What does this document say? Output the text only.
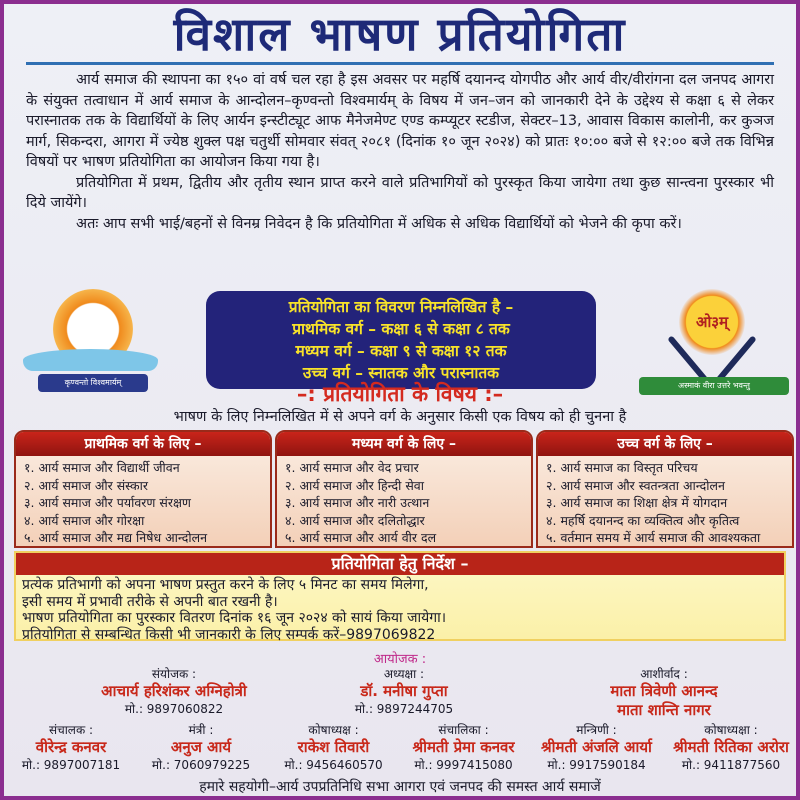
विशाल भाषण प्रतियोगिता

आर्य समाज की स्थापना का १५० वां वर्ष चल रहा है इस अवसर पर महर्षि दयानन्द योगपीठ और आर्य वीर/वीरांगना दल जनपद आगरा के संयुक्त तत्वाधान में आर्य समाज के आन्दोलन–कृण्वन्तो विश्वमार्यम् के विषय में जन–जन को जानकारी देने के उद्देश्य से कक्षा ६ से लेकर परास्नातक तक के विद्यार्थियों के लिए आर्यन इन्स्टीट्यूट आफ मैनेजमेण्ट एण्ड कम्प्यूटर स्टडीज, सेक्टर–13, आवास विकास कालोनी, कर कुञज मार्ग, सिकन्दरा, आगरा में ज्येष्ठ शुक्ल पक्ष चतुर्थी सोमवार संवत् २०८१ (दिनांक १० जून २०२४) को प्रातः १०:०० बजे से १२:०० बजे तक विभिन्न विषयों पर भाषण प्रतियोगिता का आयोजन किया गया है।

प्रतियोगिता में प्रथम, द्वितीय और तृतीय स्थान प्राप्त करने वाले प्रतिभागियों को पुरस्कृत किया जायेगा तथा कुछ सान्त्वना पुरस्कार भी दिये जायेंगे।

अतः आप सभी भाई/बहनों से विनम्र निवेदन है कि प्रतियोगिता में अधिक से अधिक विद्यार्थियों को भेजने की कृपा करें।

कृण्वन्तो विश्वमार्यम्
प्रतियोगिता का विवरण निम्नलिखित है –
प्राथमिक वर्ग – कक्षा ६ से कक्षा ८ तक
मध्यम वर्ग – कक्षा ९ से कक्षा १२ तक
उच्च वर्ग – स्नातक और परास्नातक
ओ३म्
अस्माकं वीरा उत्तरे भवन्तु
–: प्रतियोगिता के विषय :–
भाषण के लिए निम्नलिखित में से अपने वर्ग के अनुसार किसी एक विषय को ही चुनना है
प्राथमिक वर्ग के लिए –
१. आर्य समाज और विद्यार्थी जीवन
२. आर्य समाज और संस्कार
३. आर्य समाज और पर्यावरण संरक्षण
४. आर्य समाज और गोरक्षा
५. आर्य समाज और मद्य निषेध आन्दोलन
मध्यम वर्ग के लिए –
१. आर्य समाज और वेद प्रचार
२. आर्य समाज और हिन्दी सेवा
३. आर्य समाज और नारी उत्थान
४. आर्य समाज और दलितोद्धार
५. आर्य समाज और आर्य वीर दल
उच्च वर्ग के लिए –
१. आर्य समाज का विस्तृत परिचय
२. आर्य समाज और स्वतन्त्रता आन्दोलन
३. आर्य समाज का शिक्षा क्षेत्र में योगदान
४. महर्षि दयानन्द का व्यक्तित्व और कृतित्व
५. वर्तमान समय में आर्य समाज की आवश्यकता
प्रतियोगिता हेतु निर्देश –
प्रत्येक प्रतिभागी को अपना भाषण प्रस्तुत करने के लिए ५ मिनट का समय मिलेगा,
इसी समय में प्रभावी तरीके से अपनी बात रखनी है।
भाषण प्रतियोगिता का पुरस्कार वितरण दिनांक १६ जून २०२४ को सायं किया जायेगा।
प्रतियोगिता से सम्बन्धित किसी भी जानकारी के लिए सम्पर्क करें–9897069822
आयोजक :
संयोजक :
आचार्य हरिशंकर अग्निहोत्री
मो.: 9897060822
अध्यक्षा :
डॉ. मनीषा गुप्ता
मो.: 9897244705
आशीर्वाद :
माता त्रिवेणी आनन्द
माता शान्ति नागर
संचालक :
वीरेन्द्र कनवर
मो.: 9897007181
मंत्री :
अनुज आर्य
मो.: 7060979225
कोषाध्यक्ष :
राकेश तिवारी
मो.: 9456460570
संचालिका :
श्रीमती प्रेमा कनवर
मो.: 9997415080
मन्त्रिणी :
श्रीमती अंजलि आर्या
मो.: 9917590184
कोषाध्यक्षा :
श्रीमती रितिका अरोरा
मो.: 9411877560
हमारे सहयोगी–आर्य उपप्रतिनिधि सभा आगरा एवं जनपद की समस्त आर्य समाजें
